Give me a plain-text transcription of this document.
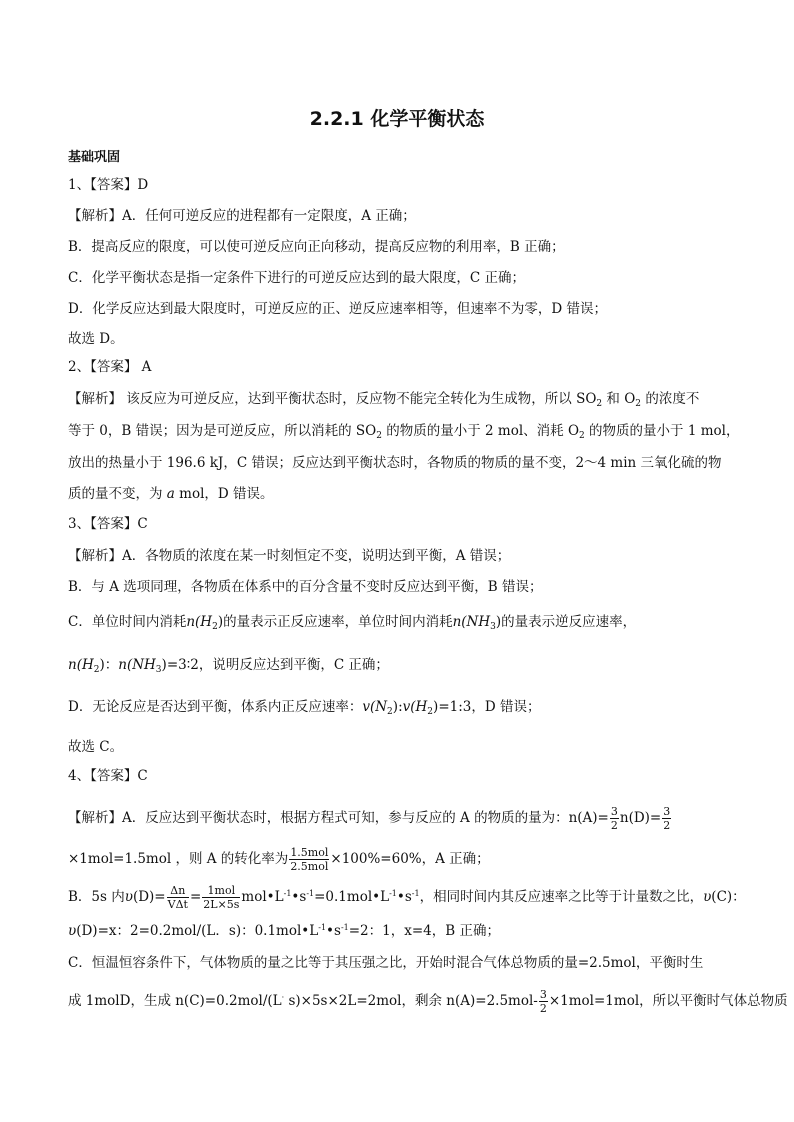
2.2.1 化学平衡状态
基础巩固
1、【答案】D
【解析】A．任何可逆反应的进程都有一定限度，A 正确；
B．提高反应的限度，可以使可逆反应向正向移动，提高反应物的利用率，B 正确；
C．化学平衡状态是指一定条件下进行的可逆反应达到的最大限度，C 正确；
D．化学反应达到最大限度时，可逆反应的正、逆反应速率相等，但速率不为零，D 错误；
故选 D。
2、【答案】 A
【解析】 该反应为可逆反应，达到平衡状态时，反应物不能完全转化为生成物，所以 $SO_2$ 和 $O_2$ 的浓度不
等于 0，B 错误；因为是可逆反应，所以消耗的 $SO_2$ 的物质的量小于 2 mol、消耗 $O_2$ 的物质的量小于 1 mol，
放出的热量小于 196.6 kJ，C 错误；反应达到平衡状态时，各物质的物质的量不变，2～4 min 三氧化硫的物
质的量不变，为 a mol，D 错误。
3、【答案】C
【解析】A．各物质的浓度在某一时刻恒定不变，说明达到平衡，A 错误；
B．与 A 选项同理，各物质在体系中的百分含量不变时反应达到平衡，B 错误；
C．单位时间内消耗$n(H_2)$的量表示正反应速率，单位时间内消耗$n(NH_3)$的量表示逆反应速率，
$n(H_2)$：$n(NH_3)=3∶2$，说明反应达到平衡，C 正确；
D．无论反应是否达到平衡，体系内正反应速率：$v(N_2):v(H_2)=1:3$，D 错误；
故选 C。
4、【答案】C
【解析】A．反应达到平衡状态时，根据方程式可知，参与反应的 A 的物质的量为：$n(A)= \frac{3}{2} n(D)= \frac{3}{2}$
×1mol=1.5mol ，则 A 的转化率为 $\frac{\text{1.5mol}}{\text{2.5mol}} \times 100\%=60\%$，A 正确；
B．5s 内$\upsilon(D)= \frac{\Delta n}{\text{VΔt}} = \frac{\text{1mol}}{2L\times 5s}$ $mol•L^{-1}•s^{-1}=0.1mol•L^{-1}•s^{-1}$，相同时间内其反应速率之比等于计量数之比，υ(C)：
υ(D)=x：2=0.2mol/(L．s)：$0.1mol•L^{-1}•s^{-1}=2$：1，x=4，B 正确；
C．恒温恒容条件下，气体物质的量之比等于其压强之比，开始时混合气体总物质的量=2.5mol，平衡时生
成 1molD，生成 n(C)=0.2mol/(L· s)×5s×2L=2mol，剩余 $n(A)=2.5mol- \frac{3}{2} \times 1mol=1mol$，所以平衡时气体总物质
